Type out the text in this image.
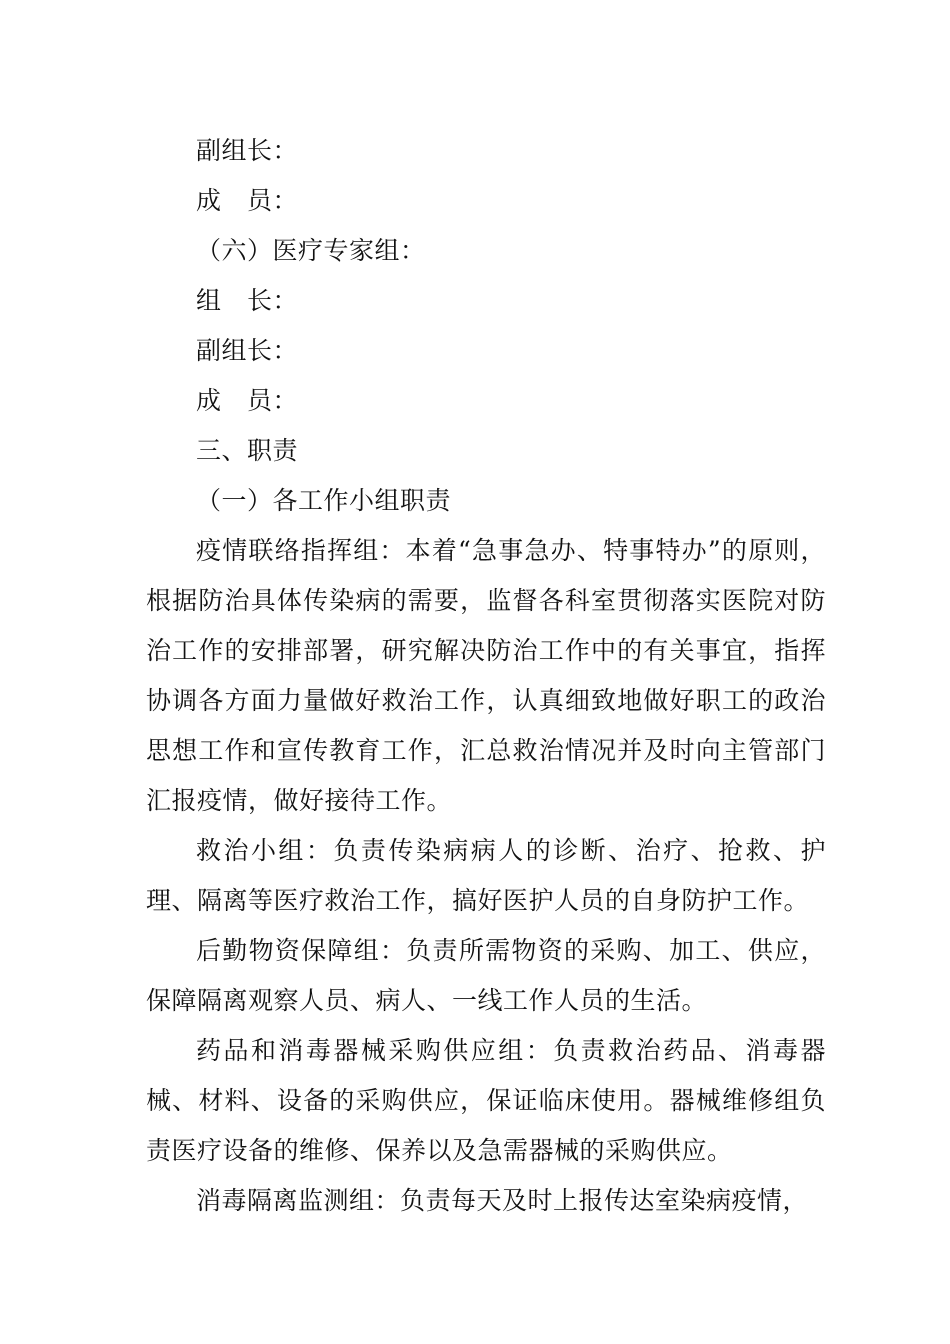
副组长：
成　员：
（六）医疗专家组：
组　长：
副组长：
成　员：
三、职责
（一）各工作小组职责
疫情联络指挥组：本着“急事急办、特事特办”的原则，根据防治具体传染病的需要，监督各科室贯彻落实医院对防治工作的安排部署，研究解决防治工作中的有关事宜，指挥协调各方面力量做好救治工作，认真细致地做好职工的政治思想工作和宣传教育工作，汇总救治情况并及时向主管部门汇报疫情，做好接待工作。
救治小组：负责传染病病人的诊断、治疗、抢救、护理、隔离等医疗救治工作，搞好医护人员的自身防护工作。
后勤物资保障组：负责所需物资的采购、加工、供应，保障隔离观察人员、病人、一线工作人员的生活。
药品和消毒器械采购供应组：负责救治药品、消毒器械、材料、设备的采购供应，保证临床使用。器械维修组负责医疗设备的维修、保养以及急需器械的采购供应。
消毒隔离监测组：负责每天及时上报传达室染病疫情，
